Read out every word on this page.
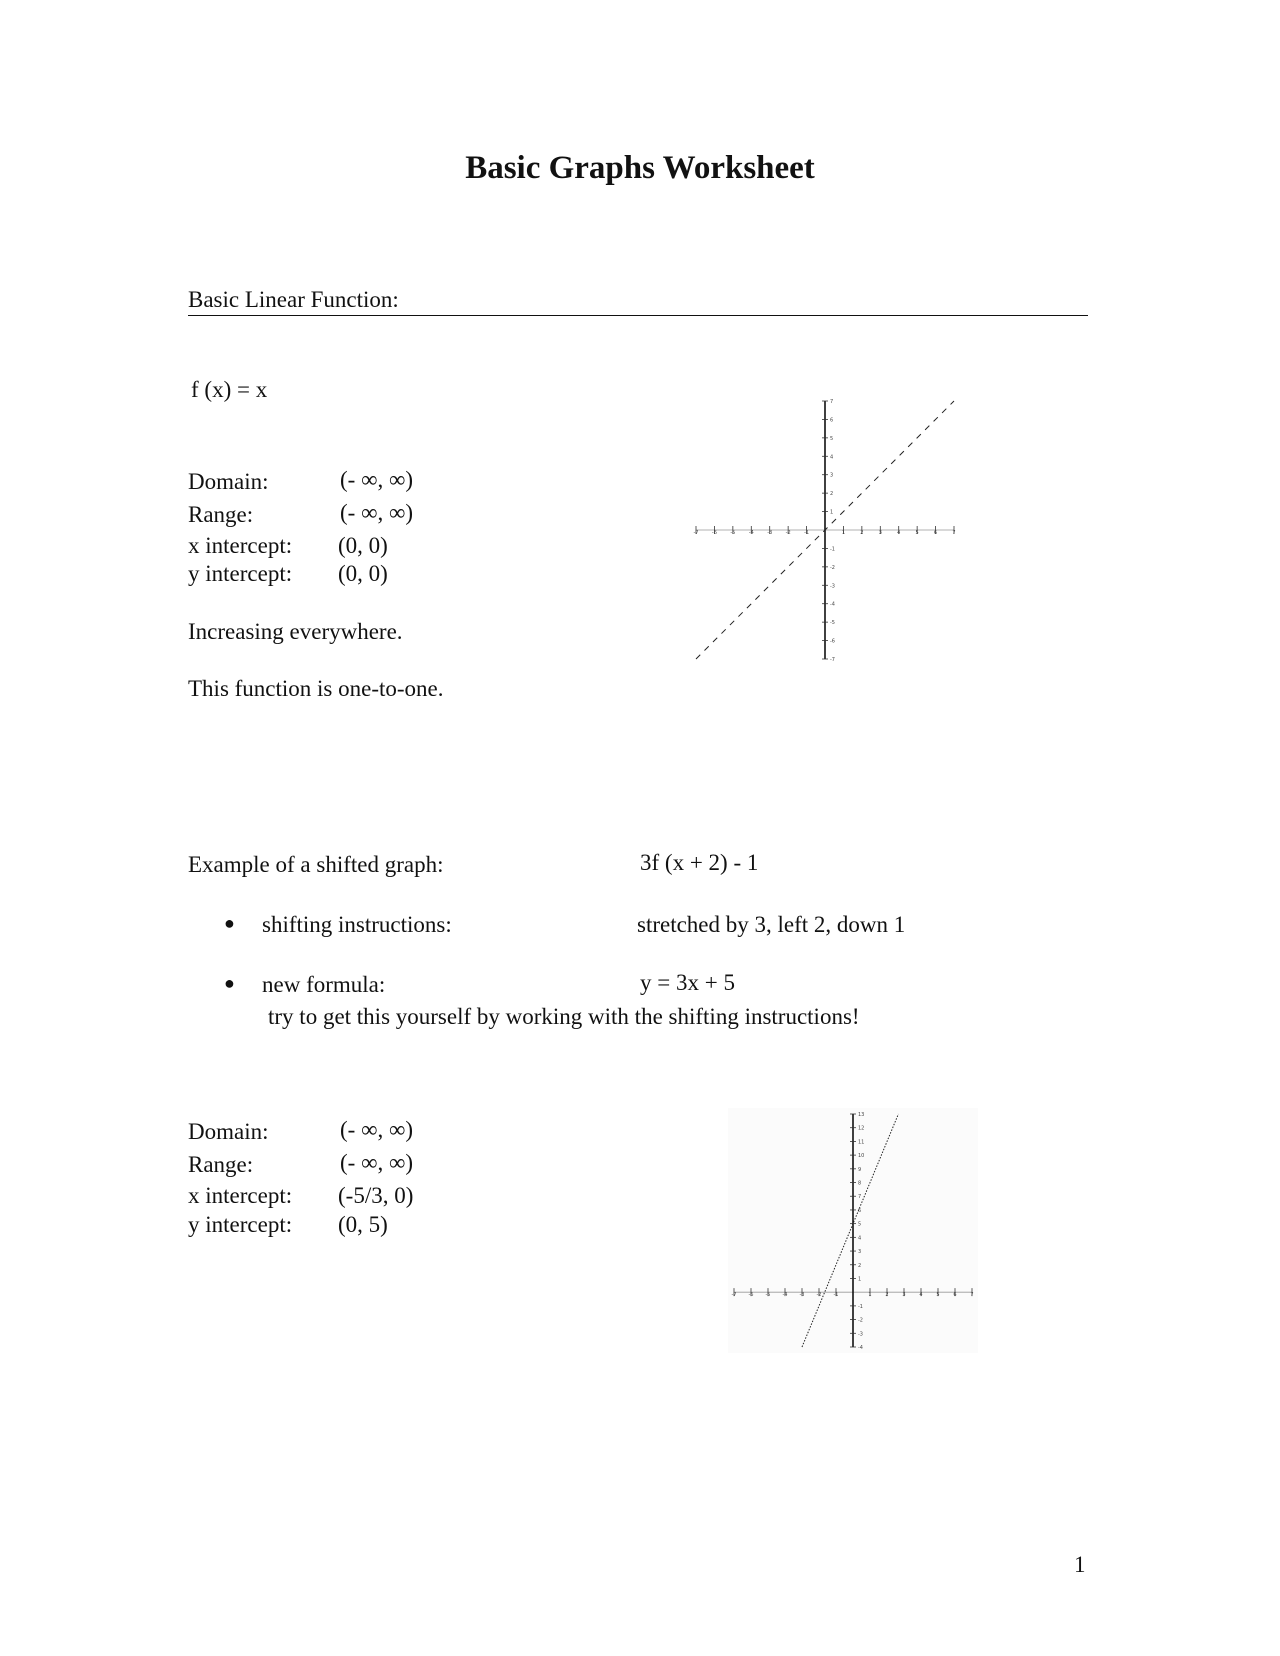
Basic Graphs Worksheet
Basic Linear Function:
f (x) = x
Domain:	(- ∞, ∞)
Range:	(- ∞, ∞)
x intercept: (0, 0)
y intercept: (0, 0)
Increasing everywhere.
This function is one-to-one.
-7	-6	-5	-4	-3	-2	-1	1	2	3	4	5	6	7
-7
-6
-5
-4
-3
-2
-1
1
2
3
4
5
6
7
Example of a shifted graph:	3f (x + 2) - 1
● shifting instructions:	stretched by 3, left 2, down 1
● new formula:	y = 3x + 5
try to get this yourself by working with the shifting instructions!
Domain:	(- ∞, ∞)
Range:	(- ∞, ∞)
x intercept: (-5/3, 0)
y intercept: (0, 5)
-7 -6 -5 -4 -3 -2 -1	1	2	3	4	5	6	7
-4
-3
-2
-1
1
2
3
4
5
6
7
8
9
10
11
12
13
1
